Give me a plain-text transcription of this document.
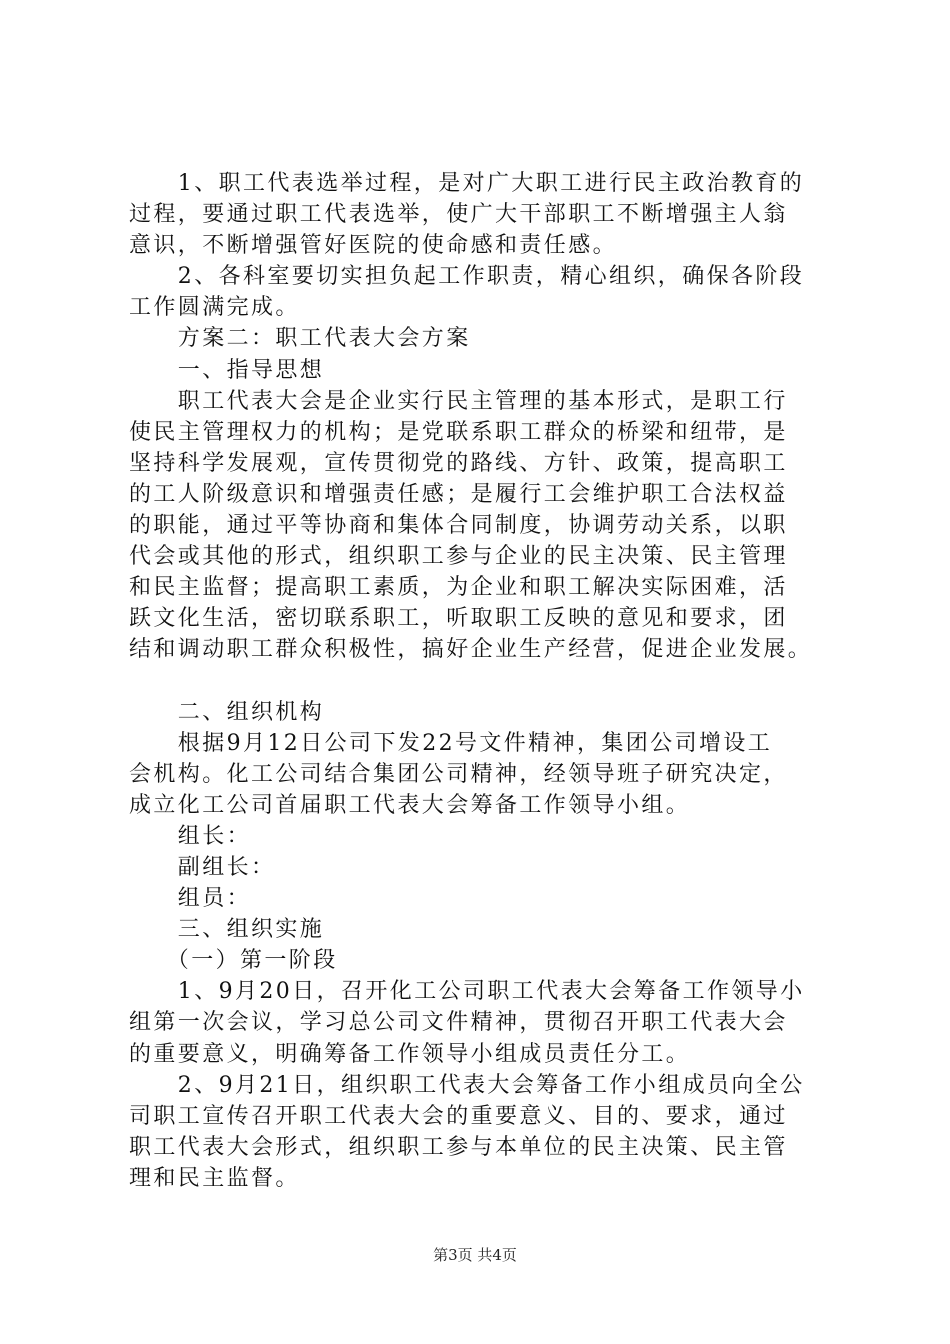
　　1、职工代表选举过程，是对广大职工进行民主政治教育的
过程，要通过职工代表选举，使广大干部职工不断增强主人翁
意识，不断增强管好医院的使命感和责任感。
　　2、各科室要切实担负起工作职责，精心组织，确保各阶段
工作圆满完成。
　　方案二：职工代表大会方案
　　一、指导思想
　　职工代表大会是企业实行民主管理的基本形式，是职工行
使民主管理权力的机构；是党联系职工群众的桥梁和纽带，是
坚持科学发展观，宣传贯彻党的路线、方针、政策，提高职工
的工人阶级意识和增强责任感；是履行工会维护职工合法权益
的职能，通过平等协商和集体合同制度，协调劳动关系，以职
代会或其他的形式，组织职工参与企业的民主决策、民主管理
和民主监督；提高职工素质，为企业和职工解决实际困难，活
跃文化生活，密切联系职工，听取职工反映的意见和要求，团
结和调动职工群众积极性，搞好企业生产经营，促进企业发展。
　　二、组织机构
　　根据9月12日公司下发22号文件精神，集团公司增设工
会机构。化工公司结合集团公司精神，经领导班子研究决定，
成立化工公司首届职工代表大会筹备工作领导小组。
　　组长：
　　副组长：
　　组员：
　　三、组织实施
　　（一）第一阶段
　　1、9月20日，召开化工公司职工代表大会筹备工作领导小
组第一次会议，学习总公司文件精神，贯彻召开职工代表大会
的重要意义，明确筹备工作领导小组成员责任分工。
　　2、9月21日，组织职工代表大会筹备工作小组成员向全公
司职工宣传召开职工代表大会的重要意义、目的、要求，通过
职工代表大会形式，组织职工参与本单位的民主决策、民主管
理和民主监督。
第3页 共4页
